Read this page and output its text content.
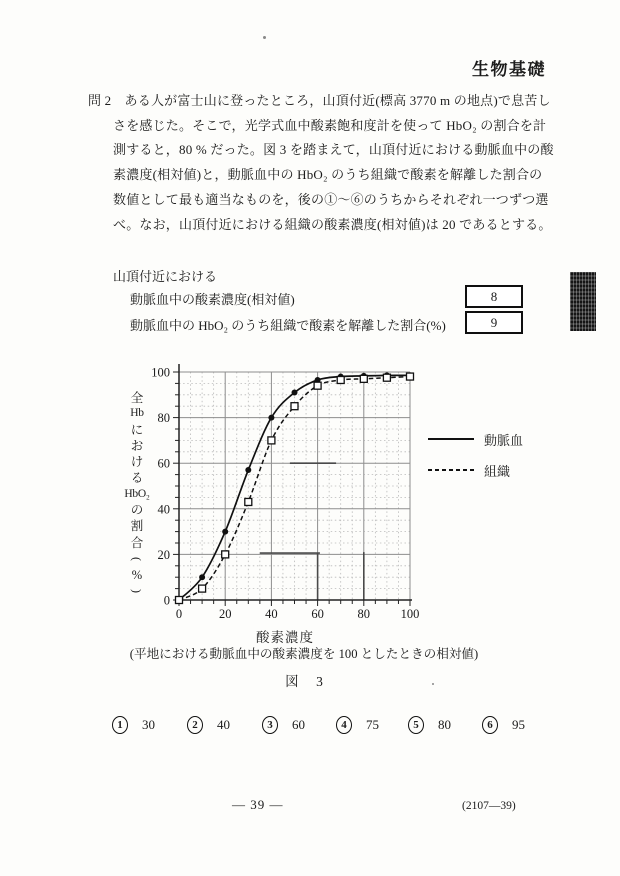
生物基礎
問 2　ある人が富士山に登ったところ，山頂付近(標高 3770 m の地点)で息苦し
さを感じた。そこで，光学式血中酸素飽和度計を使って HbO₂ の割合を計
測すると，80 % だった。図 3 を踏まえて，山頂付近における動脈血中の酸
素濃度(相対値)と，動脈血中の HbO₂ のうち組織で酸素を解離した割合の
数値として最も適当なものを，後の①～⑥のうちからそれぞれ一つずつ選
べ。なお，山頂付近における組織の酸素濃度(相対値)は 20 であるとする。
山頂付近における
動脈血中の酸素濃度(相対値)	8
動脈血中の HbO₂ のうち組織で酸素を解離した割合(%)	9
0	20	40	60	80 100
0
20
40
60
80
100
全
Hb
に
お
け
る
HbO₂
の
割
合
(
%
)
動脈血
組織
酸素濃度
(平地における動脈血中の酸素濃度を 100 としたときの相対値)
図　3
1	30	2	40	3	60	4	75	5	80	6	95
— 39 —	(2107—39)
